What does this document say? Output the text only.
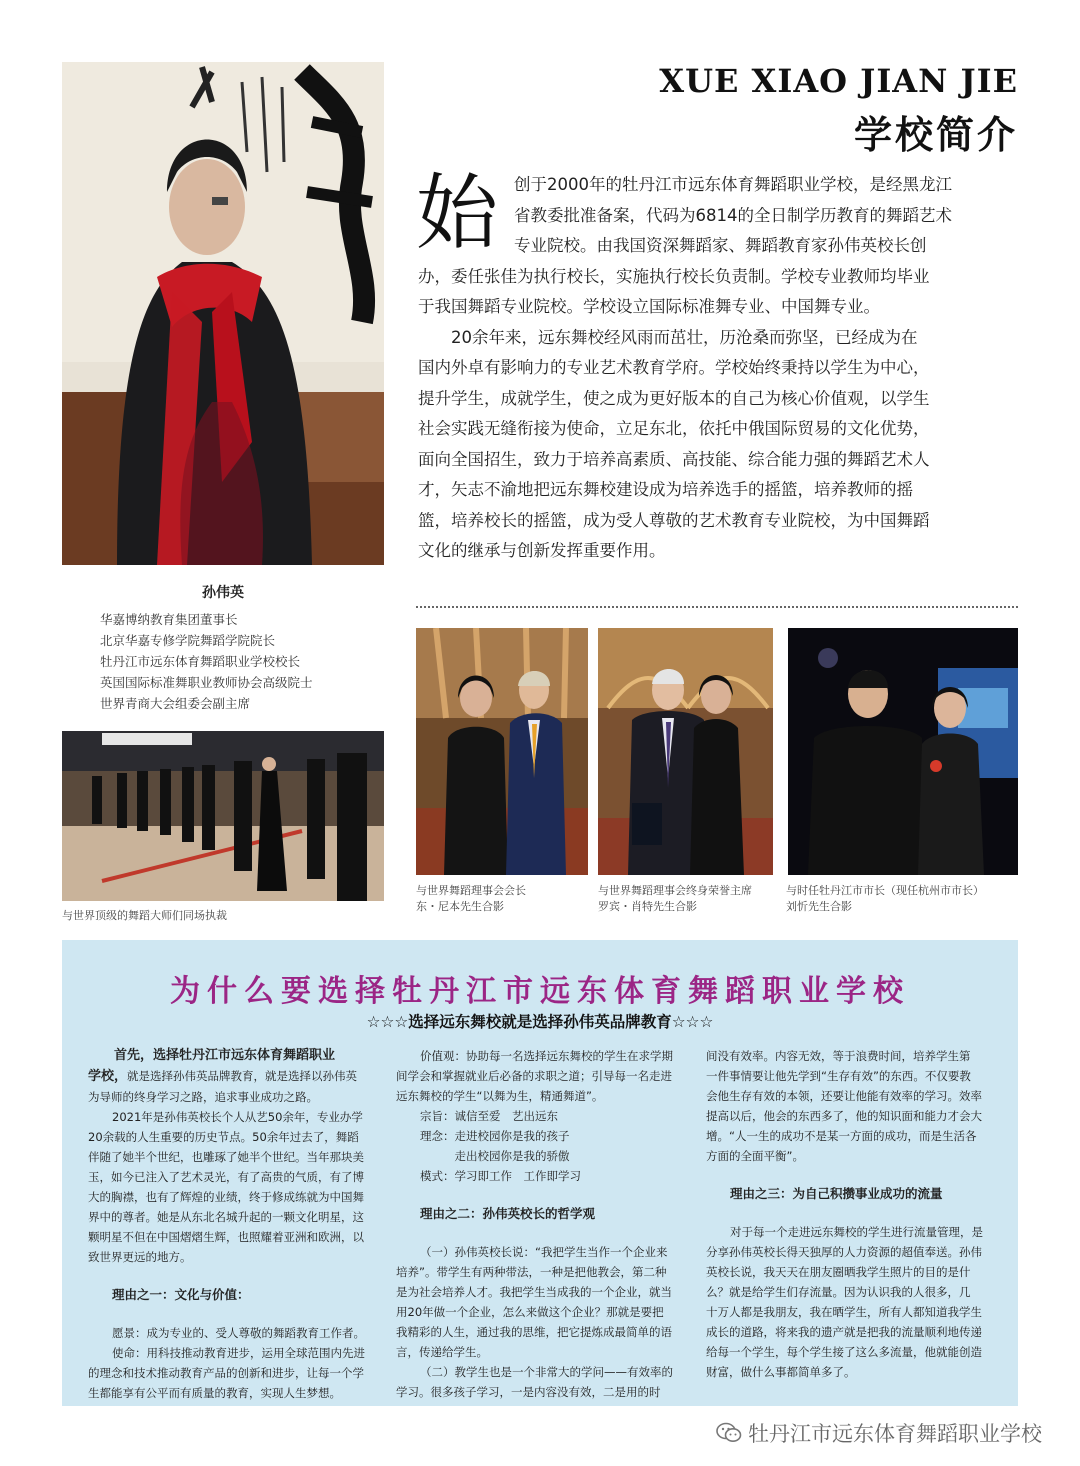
XUE XIAO JIAN JIE
学校简介
始 创于2000年的牡丹江市远东体育舞蹈职业学校，是经黑龙江
省教委批准备案，代码为6814的全日制学历教育的舞蹈艺术
专业院校。由我国资深舞蹈家、舞蹈教育家孙伟英校长创
办，委任张佳为执行校长，实施执行校长负责制。学校专业教师均毕业
于我国舞蹈专业院校。学校设立国际标准舞专业、中国舞专业。
20余年来，远东舞校经风雨而茁壮，历沧桑而弥坚，已经成为在
国内外卓有影响力的专业艺术教育学府。学校始终秉持以学生为中心，
提升学生，成就学生，使之成为更好版本的自己为核心价值观，以学生
社会实践无缝衔接为使命，立足东北，依托中俄国际贸易的文化优势，
面向全国招生，致力于培养高素质、高技能、综合能力强的舞蹈艺术人
才，矢志不渝地把远东舞校建设成为培养选手的摇篮，培养教师的摇
篮，培养校长的摇篮，成为受人尊敬的艺术教育专业院校，为中国舞蹈
文化的继承与创新发挥重要作用。
孙伟英
华嘉博纳教育集团董事长
北京华嘉专修学院舞蹈学院院长
牡丹江市远东体育舞蹈职业学校校长
英国国际标准舞职业教师协会高级院士
世界青商大会组委会副主席
与世界顶级的舞蹈大师们同场执裁
与世界舞蹈理事会会长
东・尼本先生合影
与世界舞蹈理事会终身荣誉主席
罗宾・肖特先生合影
与时任牡丹江市市长（现任杭州市市长）
刘忻先生合影
为什么要选择牡丹江市远东体育舞蹈职业学校
☆☆☆选择远东舞校就是选择孙伟英品牌教育☆☆☆
首先，选择牡丹江市远东体育舞蹈职业
学校，就是选择孙伟英品牌教育，就是选择以孙伟英
为导师的终身学习之路，追求事业成功之路。
2021年是孙伟英校长个人从艺50余年，专业办学
20余载的人生重要的历史节点。50余年过去了，舞蹈
伴随了她半个世纪，也雕琢了她半个世纪。当年那块美
玉，如今已注入了艺术灵光，有了高贵的气质，有了博
大的胸襟，也有了辉煌的业绩，终于修成练就为中国舞
界中的尊者。她是从东北名城升起的一颗文化明星，这
颗明星不但在中国熠熠生辉，也照耀着亚洲和欧洲，以
致世界更远的地方。
理由之一：文化与价值：
愿景：成为专业的、受人尊敬的舞蹈教育工作者。
使命：用科技推动教育进步，运用全球范围内先进
的理念和技术推动教育产品的创新和进步，让每一个学
生都能享有公平而有质量的教育，实现人生梦想。
价值观：协助每一名选择远东舞校的学生在求学期
间学会和掌握就业后必备的求职之道；引导每一名走进
远东舞校的学生“以舞为生，精通舞道”。
宗旨：诚信至爱　艺出远东
理念：走进校园你是我的孩子
　　　走出校园你是我的骄傲
模式：学习即工作　工作即学习
理由之二：孙伟英校长的哲学观
（一）孙伟英校长说：“我把学生当作一个企业来
培养”。带学生有两种带法，一种是把他教会，第二种
是为社会培养人才。我把学生当成我的一个企业，就当
用20年做一个企业，怎么来做这个企业？那就是要把
我精彩的人生，通过我的思维，把它提炼成最简单的语
言，传递给学生。
（二）教学生也是一个非常大的学问——有效率的
学习。很多孩子学习，一是内容没有效，二是用的时
间没有效率。内容无效，等于浪费时间，培养学生第
一件事情要让他先学到“生存有效”的东西。不仅要教
会他生存有效的本领，还要让他能有效率的学习。效率
提高以后，他会的东西多了，他的知识面和能力才会大
增。“人一生的成功不是某一方面的成功，而是生活各
方面的全面平衡”。
理由之三：为自己积攒事业成功的流量
对于每一个走进远东舞校的学生进行流量管理，是
分享孙伟英校长得天独厚的人力资源的超值奉送。孙伟
英校长说，我天天在朋友圈晒我学生照片的目的是什
么？就是给学生们存流量。因为认识我的人很多，几
十万人都是我朋友，我在晒学生，所有人都知道我学生
成长的道路，将来我的遗产就是把我的流量顺利地传递
给每一个学生，每个学生接了这么多流量，他就能创造
财富，做什么事都简单多了。
牡丹江市远东体育舞蹈职业学校
